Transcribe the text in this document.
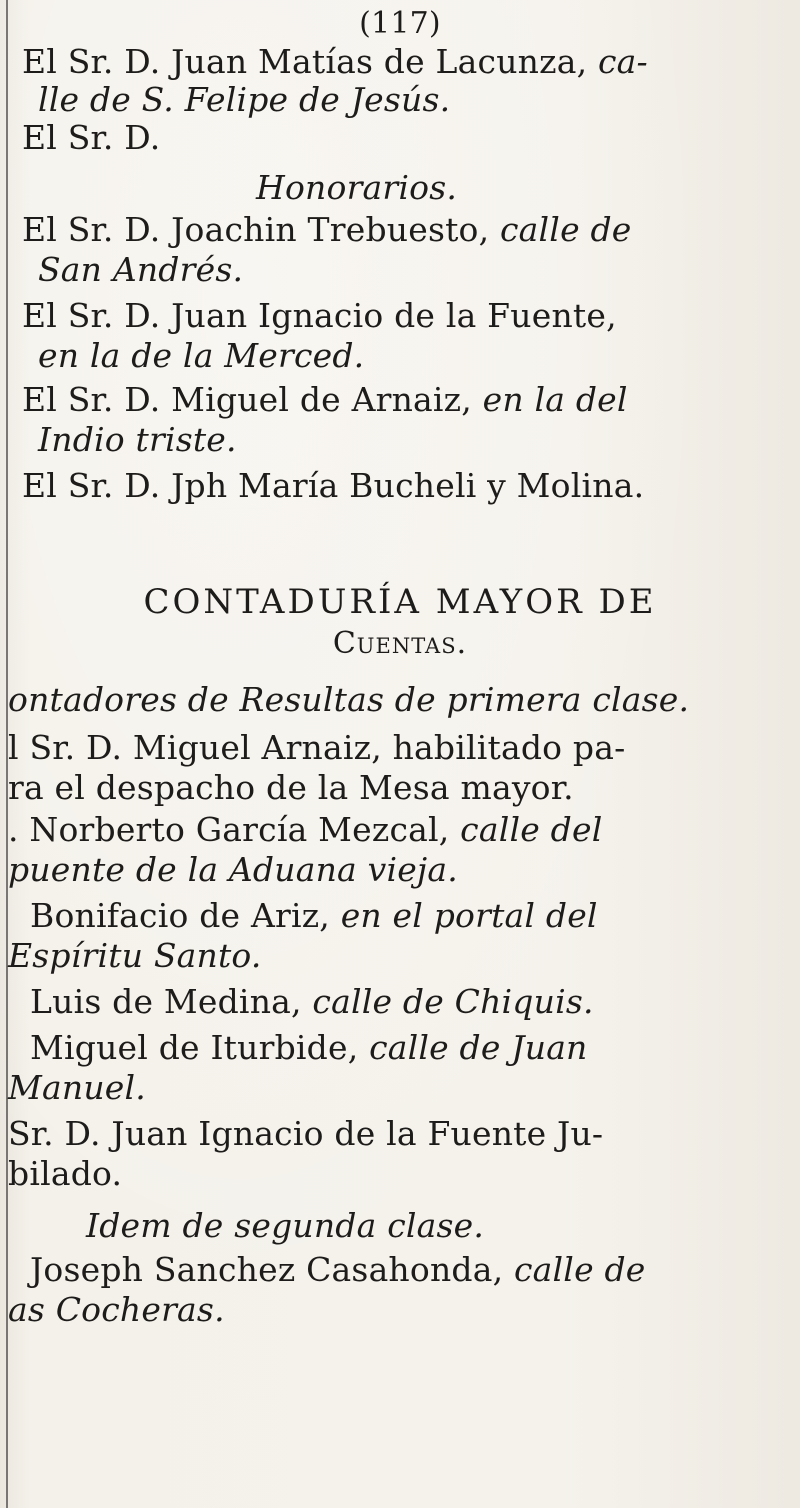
(117)
El Sr. D. Juan Matías de Lacunza, ca-
lle de S. Felipe de Jesús.
El Sr. D.
Honorarios.
El Sr. D. Joachin Trebuesto, calle de
San Andrés.
El Sr. D. Juan Ignacio de la Fuente,
en la de la Merced.
El Sr. D. Miguel de Arnaiz, en la del
Indio triste.
El Sr. D. Jph María Bucheli y Molina.
CONTADURÍA MAYOR DE
Cuentas.
ontadores de Resultas de primera clase.
l Sr. D. Miguel Arnaiz, habilitado pa-
ra el despacho de la Mesa mayor.
. Norberto García Mezcal, calle del
puente de la Aduana vieja.
Bonifacio de Ariz, en el portal del
Espíritu Santo.
Luis de Medina, calle de Chiquis.
Miguel de Iturbide, calle de Juan
Manuel.
Sr. D. Juan Ignacio de la Fuente Ju-
bilado.
Idem de segunda clase.
Joseph Sanchez Casahonda, calle de
as Cocheras.
